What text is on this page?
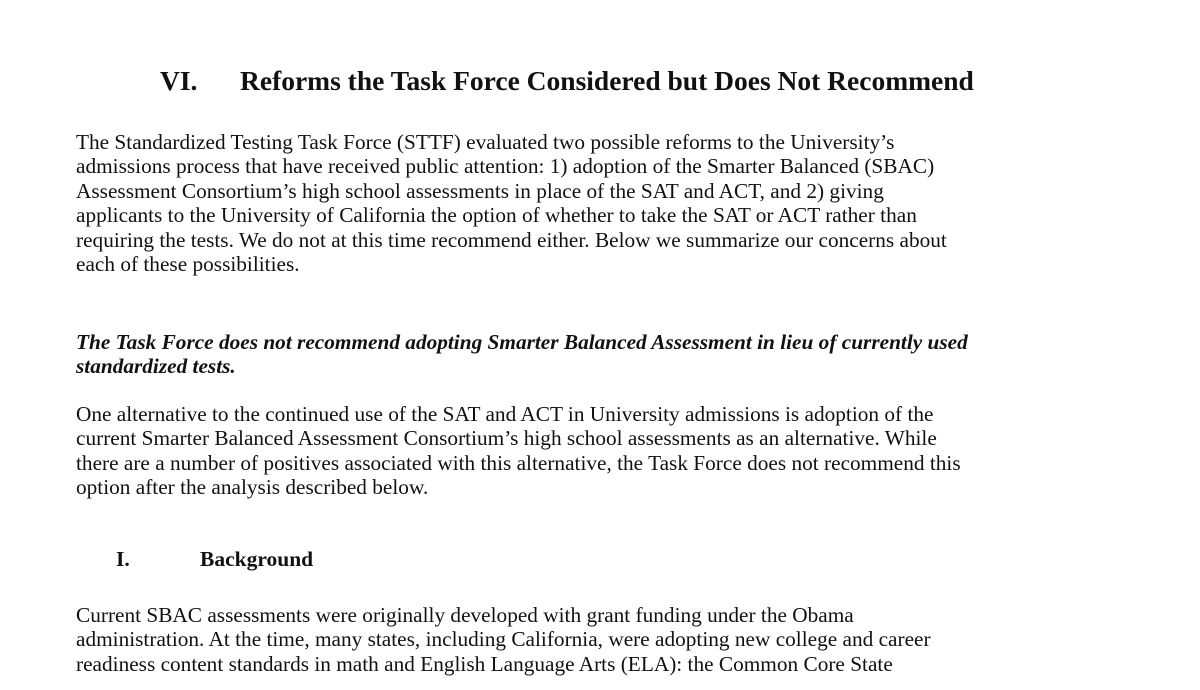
VI. Reforms the Task Force Considered but Does Not Recommend

The Standardized Testing Task Force (STTF) evaluated two possible reforms to the University’s
admissions process that have received public attention: 1) adoption of the Smarter Balanced (SBAC)
Assessment Consortium’s high school assessments in place of the SAT and ACT, and 2) giving
applicants to the University of California the option of whether to take the SAT or ACT rather than
requiring the tests. We do not at this time recommend either. Below we summarize our concerns about
each of these possibilities.

The Task Force does not recommend adopting Smarter Balanced Assessment in lieu of currently used
standardized tests.

One alternative to the continued use of the SAT and ACT in University admissions is adoption of the
current Smarter Balanced Assessment Consortium’s high school assessments as an alternative. While
there are a number of positives associated with this alternative, the Task Force does not recommend this
option after the analysis described below.

I.	Background

Current SBAC assessments were originally developed with grant funding under the Obama
administration. At the time, many states, including California, were adopting new college and career
readiness content standards in math and English Language Arts (ELA): the Common Core State
